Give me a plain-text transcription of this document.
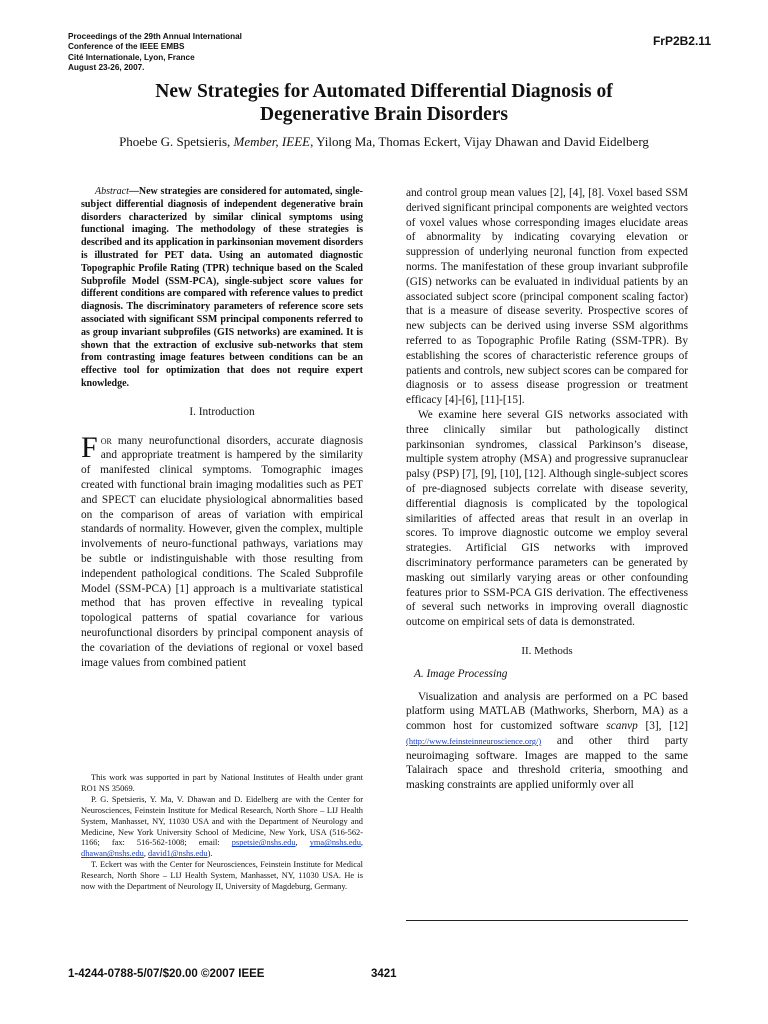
Proceedings of the 29th Annual International
Conference of the IEEE EMBS
Cité Internationale, Lyon, France
August 23-26, 2007.
FrP2B2.11
New Strategies for Automated Differential Diagnosis of
Degenerative Brain Disorders
Phoebe G. Spetsieris, Member, IEEE, Yilong Ma, Thomas Eckert, Vijay Dhawan and David Eidelberg

Abstract—New strategies are considered for automated, single-subject differential diagnosis of independent degenerative brain disorders characterized by similar clinical symptoms using functional imaging. The methodology of these strategies is described and its application in parkinsonian movement disorders is illustrated for PET data. Using an automated diagnostic Topographic Profile Rating (TPR) technique based on the Scaled Subprofile Model (SSM-PCA), single-subject score values for different conditions are compared with reference values to predict diagnosis. The discriminatory parameters of reference score sets associated with significant SSM principal components referred to as group invariant subprofiles (GIS networks) are examined. It is shown that the extraction of exclusive sub-networks that stem from contrasting image features between conditions can be an effective tool for optimization that does not require expert knowledge.

I. Introduction

For many neurofunctional disorders, accurate diagnosis and appropriate treatment is hampered by the similarity of manifested clinical symptoms. Tomographic images created with functional brain imaging modalities such as PET and SPECT can elucidate physiological abnormalities based on the comparison of areas of variation with empirical standards of normality. However, given the complex, multiple involvements of neuro-functional pathways, variations may be subtle or indistinguishable with those resulting from independent pathological conditions. The Scaled Subprofile Model (SSM-PCA) [1] approach is a multivariate statistical method that has proven effective in revealing typical topological patterns of spatial covariance for various neurofunctional disorders by principal component anaysis of the covariation of the deviations of regional or voxel based image values from combined patient

This work was supported in part by National Institutes of Health under grant RO1 NS 35069.

P. G. Spetsieris, Y. Ma, V. Dhawan and D. Eidelberg are with the Center for Neurosciences, Feinstein Institute for Medical Research, North Shore – LIJ Health System, Manhasset, NY, 11030 USA and with the Department of Neurology and Medicine, New York University School of Medicine, New York, USA (516-562-1166; fax: 516-562-1008; email: pspetsie@nshs.edu, yma@nshs.edu, dhawan@nshs.edu, david1@nshs.edu).

T. Eckert was with the Center for Neurosciences, Feinstein Institute for Medical Research, North Shore – LIJ Health System, Manhasset, NY, 11030 USA. He is now with the Department of Neurology II, University of Magdeburg, Germany.

and control group mean values [2], [4], [8]. Voxel based SSM derived significant principal components are weighted vectors of voxel values whose corresponding images elucidate areas of abnormality by indicating covarying elevation or suppression of underlying neuronal function from expected norms. The manifestation of these group invariant subprofile (GIS) networks can be evaluated in individual patients by an associated subject score (principal component scaling factor) that is a measure of disease severity. Prospective scores of new subjects can be derived using inverse SSM algorithms referred to as Topographic Profile Rating (SSM-TPR). By establishing the scores of characteristic reference groups of patients and controls, new subject scores can be compared for diagnosis or to assess disease progression or treatment efficacy [4]-[6], [11]-[15].

We examine here several GIS networks associated with three clinically similar but pathologically distinct parkinsonian syndromes, classical Parkinson’s disease, multiple system atrophy (MSA) and progressive supranuclear palsy (PSP) [7], [9], [10], [12]. Although single-subject scores of pre-diagnosed subjects correlate with disease severity, differential diagnosis is complicated by the topological similarities of affected areas that result in an overlap in scores. To improve diagnostic outcome we employ several strategies. Artificial GIS networks with improved discriminatory performance parameters can be generated by masking out similarly varying areas or other confounding features prior to SSM-PCA GIS derivation. The effectiveness of several such networks in improving overall diagnostic outcome on empirical sets of data is demonstrated.

II. Methods
A. Image Processing

Visualization and analysis are performed on a PC based platform using MATLAB (Mathworks, Sherborn, MA) as a common host for customized software scanvp [3], [12] (http://www.feinsteinneuroscience.org/) and other third party neuroimaging software. Images are mapped to the same Talairach space and threshold criteria, smoothing and masking constraints are applied uniformly over all

1-4244-0788-5/07/$20.00 ©2007 IEEE	3421
